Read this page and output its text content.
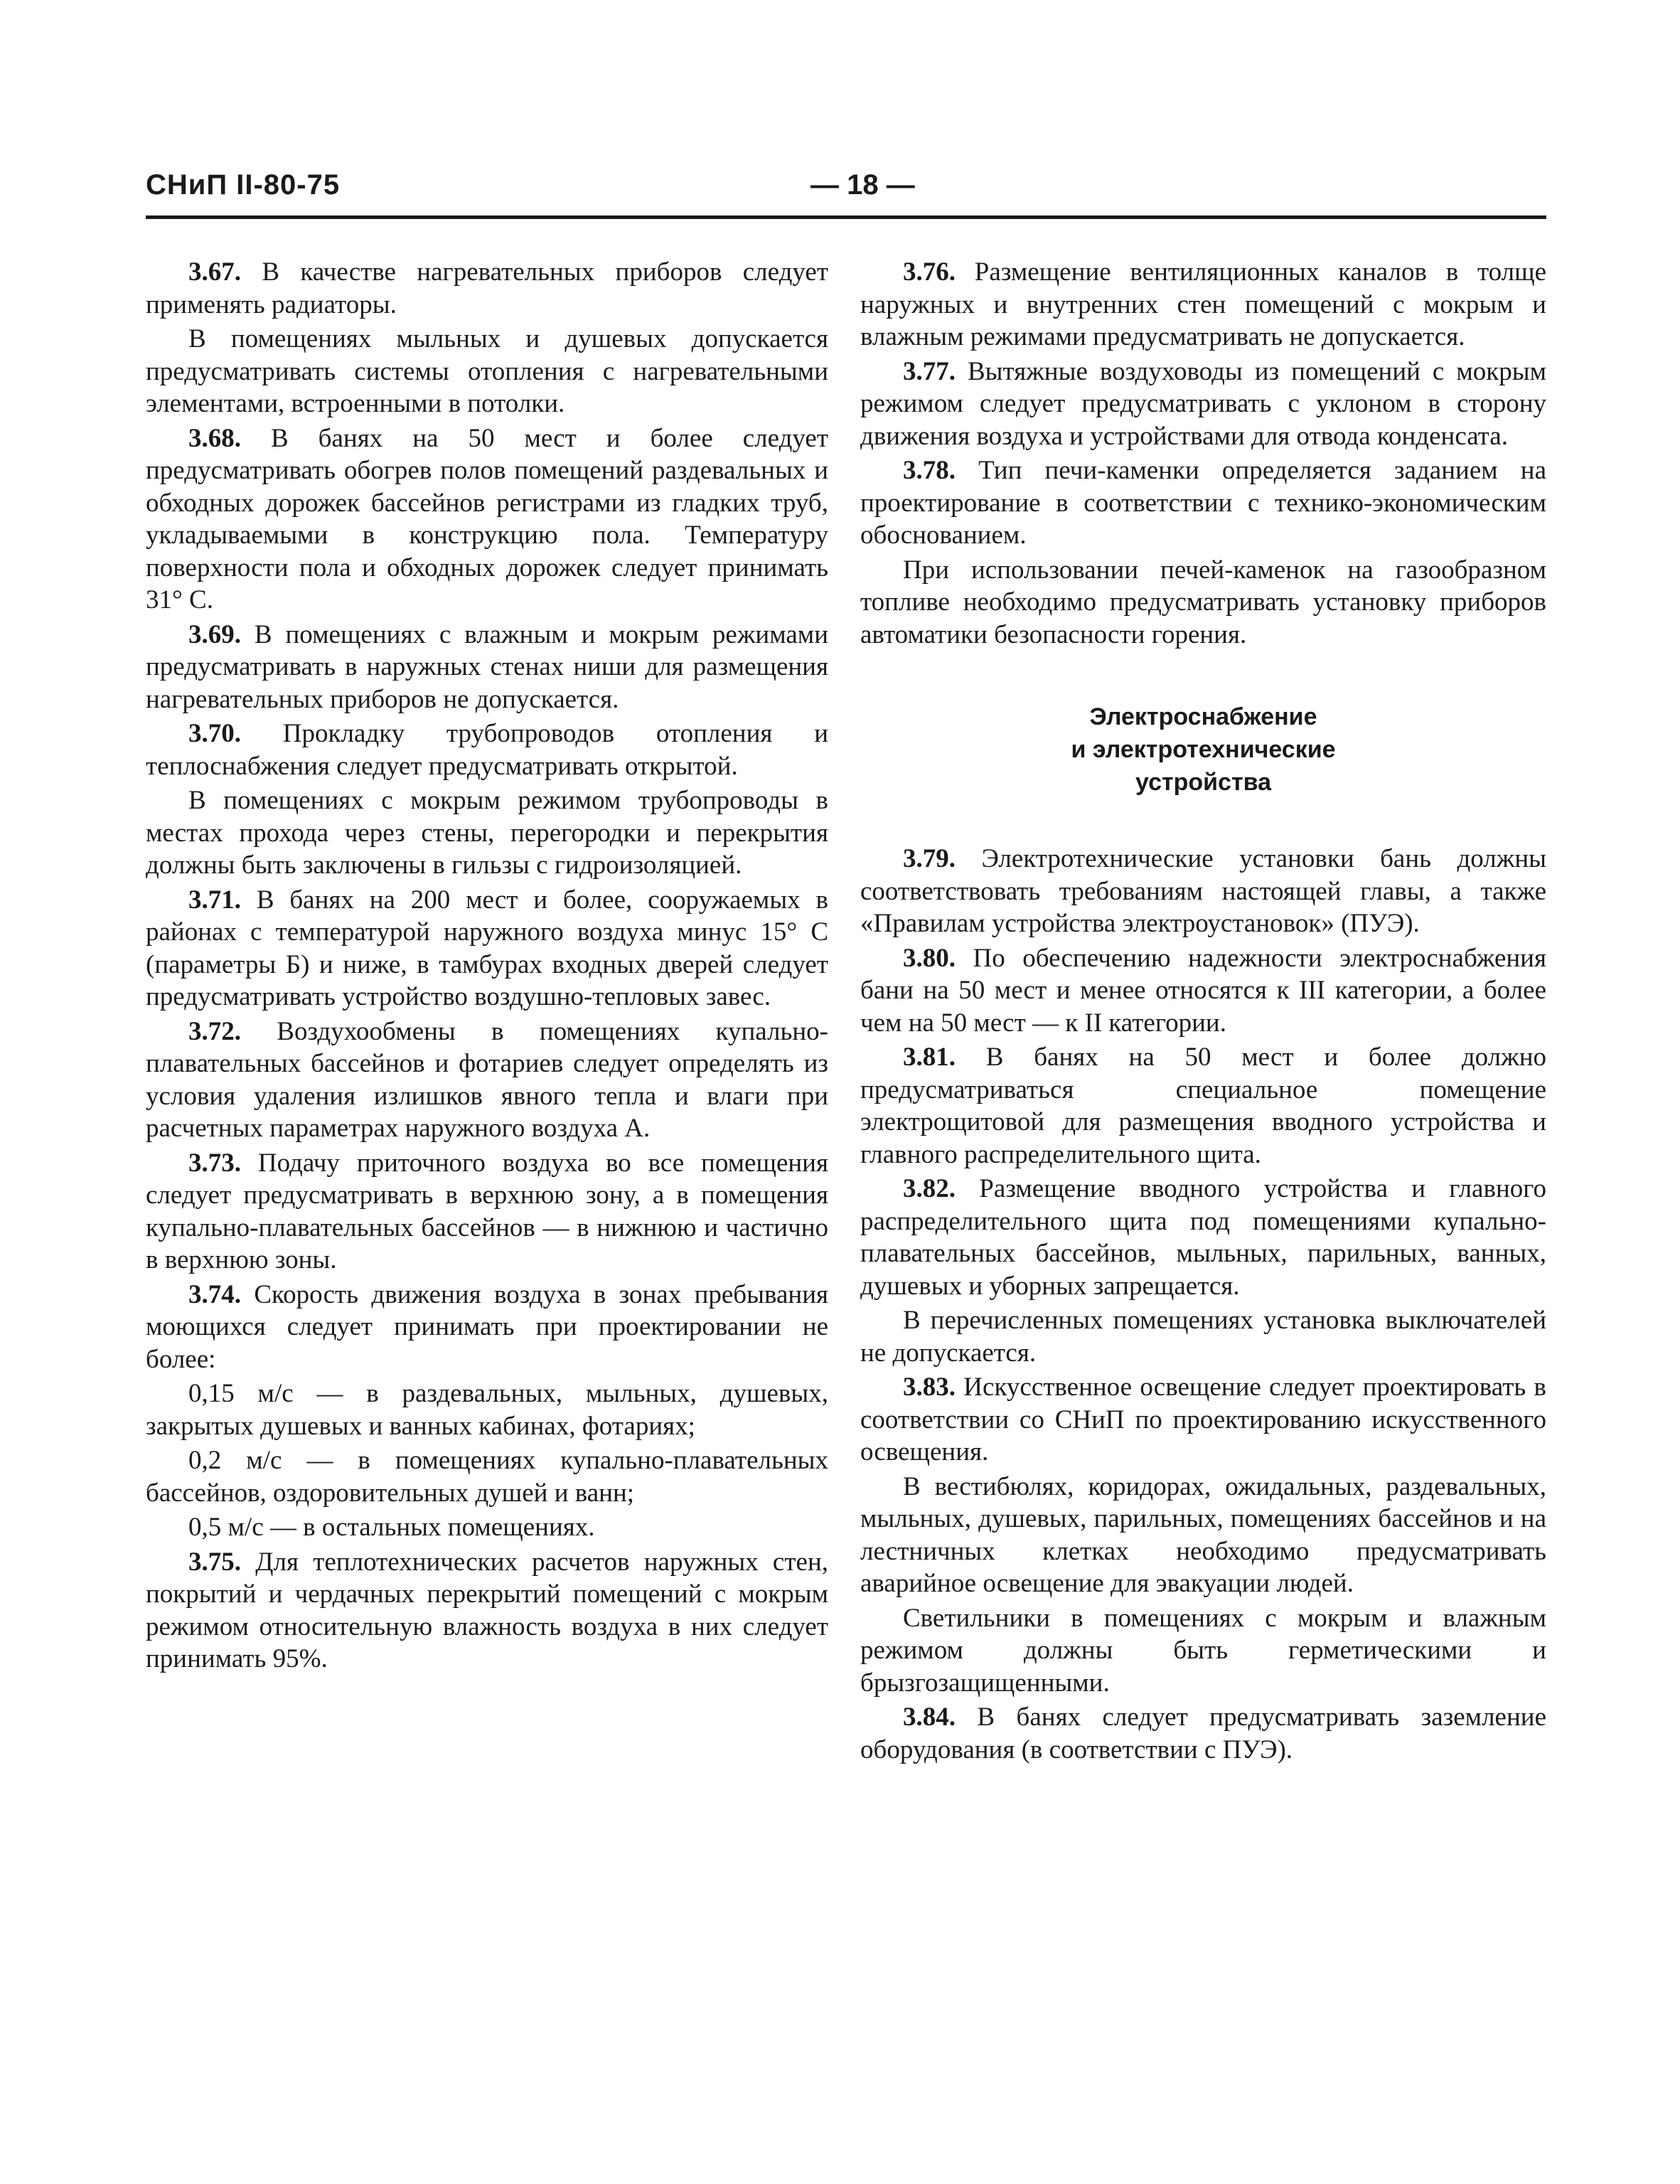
СНиП II-80-75	— 18 —

3.67. В качестве нагревательных приборов следует применять радиаторы.

В помещениях мыльных и душевых допускается предусматривать системы отопления с нагревательными элементами, встроенными в потолки.

3.68. В банях на 50 мест и более следует предусматривать обогрев полов помещений раздевальных и обходных дорожек бассейнов регистрами из гладких труб, укладываемыми в конструкцию пола. Температуру поверхности пола и обходных дорожек следует принимать 31° С.

3.69. В помещениях с влажным и мокрым режимами предусматривать в наружных стенах ниши для размещения нагревательных приборов не допускается.

3.70. Прокладку трубопроводов отопления и теплоснабжения следует предусматривать открытой.

В помещениях с мокрым режимом трубопроводы в местах прохода через стены, перегородки и перекрытия должны быть заключены в гильзы с гидроизоляцией.

3.71. В банях на 200 мест и более, сооружаемых в районах с температурой наружного воздуха минус 15° С (параметры Б) и ниже, в тамбурах входных дверей следует предусматривать устройство воздушно-тепловых завес.

3.72. Воздухообмены в помещениях купально-плавательных бассейнов и фотариев следует определять из условия удаления излишков явного тепла и влаги при расчетных параметрах наружного воздуха А.

3.73. Подачу приточного воздуха во все помещения следует предусматривать в верхнюю зону, а в помещения купально-плавательных бассейнов — в нижнюю и частично в верхнюю зоны.

3.74. Скорость движения воздуха в зонах пребывания моющихся следует принимать при проектировании не более:

0,15 м/с — в раздевальных, мыльных, душевых, закрытых душевых и ванных кабинах, фотариях;

0,2 м/с — в помещениях купально-плавательных бассейнов, оздоровительных душей и ванн;

0,5 м/с — в остальных помещениях.

3.75. Для теплотехнических расчетов наружных стен, покрытий и чердачных перекрытий помещений с мокрым режимом относительную влажность воздуха в них следует принимать 95%.

3.76. Размещение вентиляционных каналов в толще наружных и внутренних стен помещений с мокрым и влажным режимами предусматривать не допускается.

3.77. Вытяжные воздуховоды из помещений с мокрым режимом следует предусматривать с уклоном в сторону движения воздуха и устройствами для отвода конденсата.

3.78. Тип печи-каменки определяется заданием на проектирование в соответствии с технико-экономическим обоснованием.

При использовании печей-каменок на газообразном топливе необходимо предусматривать установку приборов автоматики безопасности горения.

Электроснабжение
и электротехнические
устройства

3.79. Электротехнические установки бань должны соответствовать требованиям настоящей главы, а также «Правилам устройства электроустановок» (ПУЭ).

3.80. По обеспечению надежности электроснабжения бани на 50 мест и менее относятся к III категории, а более чем на 50 мест — к II категории.

3.81. В банях на 50 мест и более должно предусматриваться специальное помещение электрощитовой для размещения вводного устройства и главного распределительного щита.

3.82. Размещение вводного устройства и главного распределительного щита под помещениями купально-плавательных бассейнов, мыльных, парильных, ванных, душевых и уборных запрещается.

В перечисленных помещениях установка выключателей не допускается.

3.83. Искусственное освещение следует проектировать в соответствии со СНиП по проектированию искусственного освещения.

В вестибюлях, коридорах, ожидальных, раздевальных, мыльных, душевых, парильных, помещениях бассейнов и на лестничных клетках необходимо предусматривать аварийное освещение для эвакуации людей.

Светильники в помещениях с мокрым и влажным режимом должны быть герметическими и брызгозащищенными.

3.84. В банях следует предусматривать заземление оборудования (в соответствии с ПУЭ).
